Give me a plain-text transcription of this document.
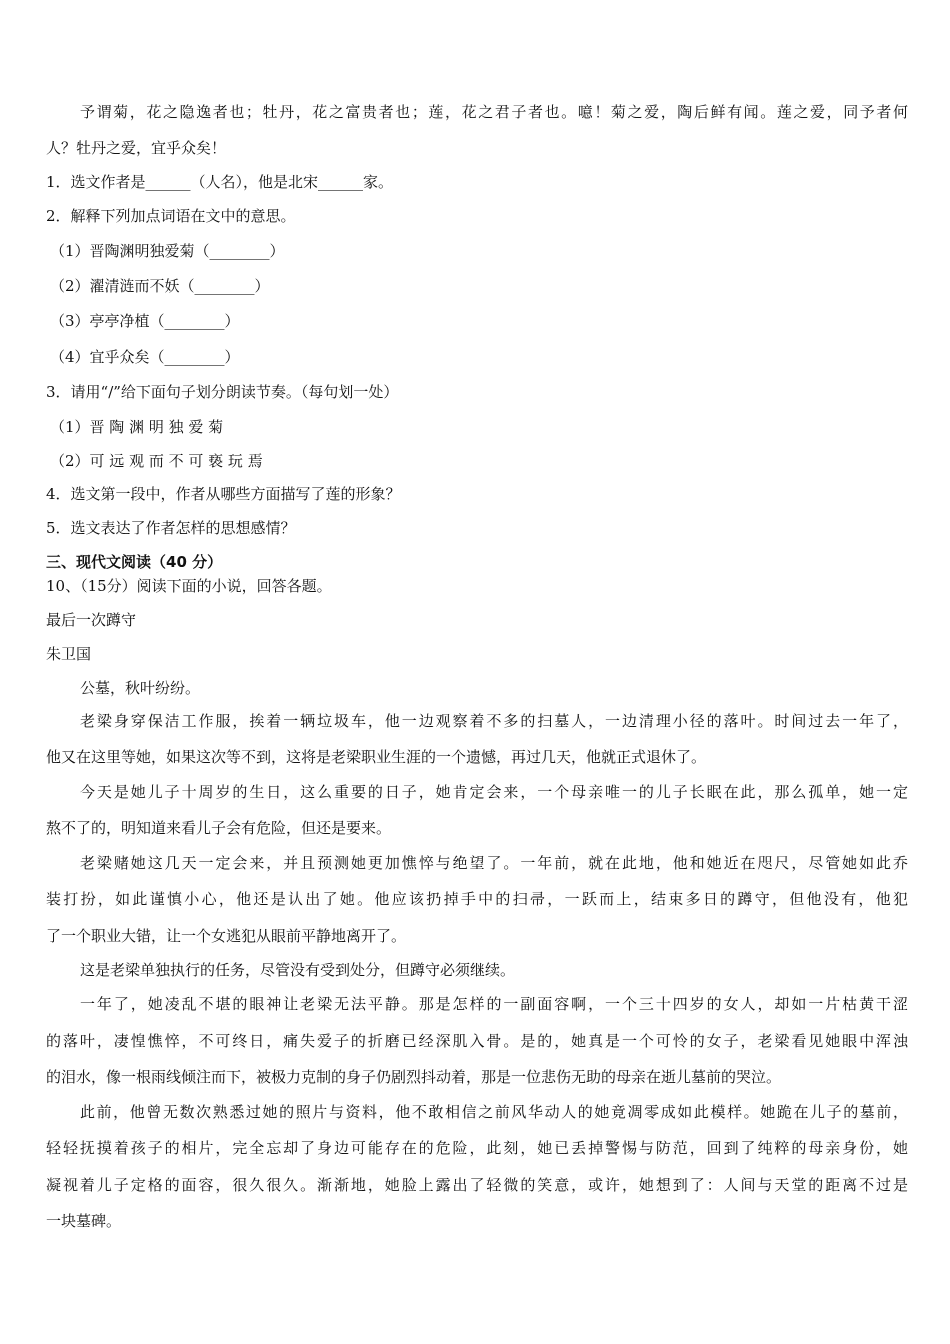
予谓菊，花之隐逸者也；牡丹，花之富贵者也；莲，花之君子者也。噫！菊之爱，陶后鲜有闻。莲之爱，同予者何
人？牡丹之爱，宜乎众矣！
1．选文作者是______（人名），他是北宋______家。
2．解释下列加点词语在文中的意思。
（1）晋陶渊明独爱菊（________）
（2）濯清涟而不妖（________）
（3）亭亭净植（________）
（4）宜乎众矣（________）
3．请用“/”给下面句子划分朗读节奏。（每句划一处）
（1）晋 陶 渊 明 独 爱 菊
（2）可 远 观 而 不 可 亵 玩 焉
4．选文第一段中，作者从哪些方面描写了莲的形象？
5．选文表达了作者怎样的思想感情？
三、现代文阅读（40 分）
10、（15分）阅读下面的小说，回答各题。
最后一次蹲守
朱卫国
公墓，秋叶纷纷。
老梁身穿保洁工作服，挨着一辆垃圾车，他一边观察着不多的扫墓人，一边清理小径的落叶。时间过去一年了，
他又在这里等她，如果这次等不到，这将是老梁职业生涯的一个遗憾，再过几天，他就正式退休了。
今天是她儿子十周岁的生日，这么重要的日子，她肯定会来，一个母亲唯一的儿子长眠在此，那么孤单，她一定
熬不了的，明知道来看儿子会有危险，但还是要来。
老梁赌她这几天一定会来，并且预测她更加憔悴与绝望了。一年前，就在此地，他和她近在咫尺，尽管她如此乔
装打扮，如此谨慎小心，他还是认出了她。他应该扔掉手中的扫帚，一跃而上，结束多日的蹲守，但他没有，他犯
了一个职业大错，让一个女逃犯从眼前平静地离开了。
这是老梁单独执行的任务，尽管没有受到处分，但蹲守必须继续。
一年了，她凌乱不堪的眼神让老梁无法平静。那是怎样的一副面容啊，一个三十四岁的女人，却如一片枯黄干涩
的落叶，凄惶憔悴，不可终日，痛失爱子的折磨已经深肌入骨。是的，她真是一个可怜的女子，老梁看见她眼中浑浊
的泪水，像一根雨线倾注而下，被极力克制的身子仍剧烈抖动着，那是一位悲伤无助的母亲在逝儿墓前的哭泣。
此前，他曾无数次熟悉过她的照片与资料，他不敢相信之前风华动人的她竟凋零成如此模样。她跪在儿子的墓前，
轻轻抚摸着孩子的相片，完全忘却了身边可能存在的危险，此刻，她已丢掉警惕与防范，回到了纯粹的母亲身份，她
凝视着儿子定格的面容，很久很久。渐渐地，她脸上露出了轻微的笑意，或许，她想到了：人间与天堂的距离不过是
一块墓碑。
